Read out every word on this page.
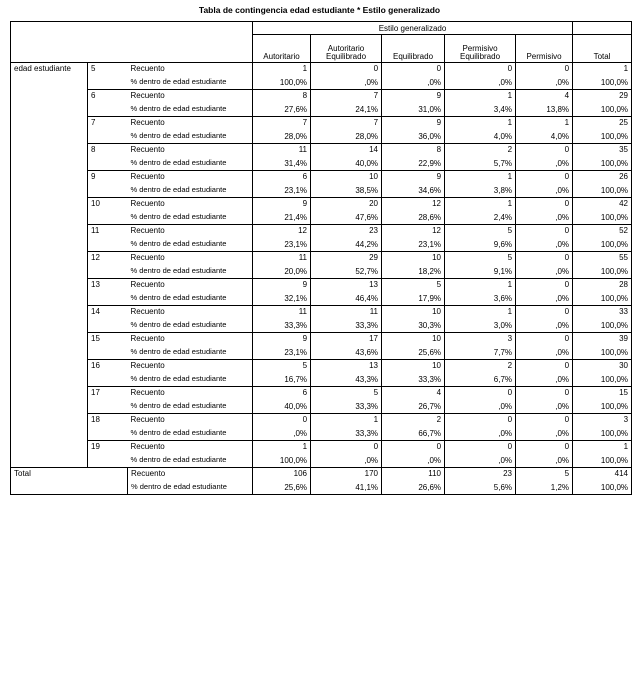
Tabla de contingencia edad estudiante * Estilo generalizado
			Estilo generalizado					
			Autoritario	Autoritario Equilibrado	Equilibrado	Permisivo Equilibrado	Permisivo	Total
edad estudiante	5	Recuento	1	0	0	0	0	1
		% dentro de edad estudiante	100,0%	,0%	,0%	,0%	,0%	100,0%
	6	Recuento	8	7	9	1	4	29
		% dentro de edad estudiante	27,6%	24,1%	31,0%	3,4%	13,8%	100,0%
	7	Recuento	7	7	9	1	1	25
		% dentro de edad estudiante	28,0%	28,0%	36,0%	4,0%	4,0%	100,0%
	8	Recuento	11	14	8	2	0	35
		% dentro de edad estudiante	31,4%	40,0%	22,9%	5,7%	,0%	100,0%
	9	Recuento	6	10	9	1	0	26
		% dentro de edad estudiante	23,1%	38,5%	34,6%	3,8%	,0%	100,0%
	10	Recuento	9	20	12	1	0	42
		% dentro de edad estudiante	21,4%	47,6%	28,6%	2,4%	,0%	100,0%
	11	Recuento	12	23	12	5	0	52
		% dentro de edad estudiante	23,1%	44,2%	23,1%	9,6%	,0%	100,0%
	12	Recuento	11	29	10	5	0	55
		% dentro de edad estudiante	20,0%	52,7%	18,2%	9,1%	,0%	100,0%
	13	Recuento	9	13	5	1	0	28
		% dentro de edad estudiante	32,1%	46,4%	17,9%	3,6%	,0%	100,0%
	14	Recuento	11	11	10	1	0	33
		% dentro de edad estudiante	33,3%	33,3%	30,3%	3,0%	,0%	100,0%
	15	Recuento	9	17	10	3	0	39
		% dentro de edad estudiante	23,1%	43,6%	25,6%	7,7%	,0%	100,0%
	16	Recuento	5	13	10	2	0	30
		% dentro de edad estudiante	16,7%	43,3%	33,3%	6,7%	,0%	100,0%
	17	Recuento	6	5	4	0	0	15
		% dentro de edad estudiante	40,0%	33,3%	26,7%	,0%	,0%	100,0%
	18	Recuento	0	1	2	0	0	3
		% dentro de edad estudiante	,0%	33,3%	66,7%	,0%	,0%	100,0%
	19	Recuento	1	0	0	0	0	1
		% dentro de edad estudiante	100,0%	,0%	,0%	,0%	,0%	100,0%
Total		Recuento	106	170	110	23	5	414
		% dentro de edad estudiante	25,6%	41,1%	26,6%	5,6%	1,2%	100,0%
